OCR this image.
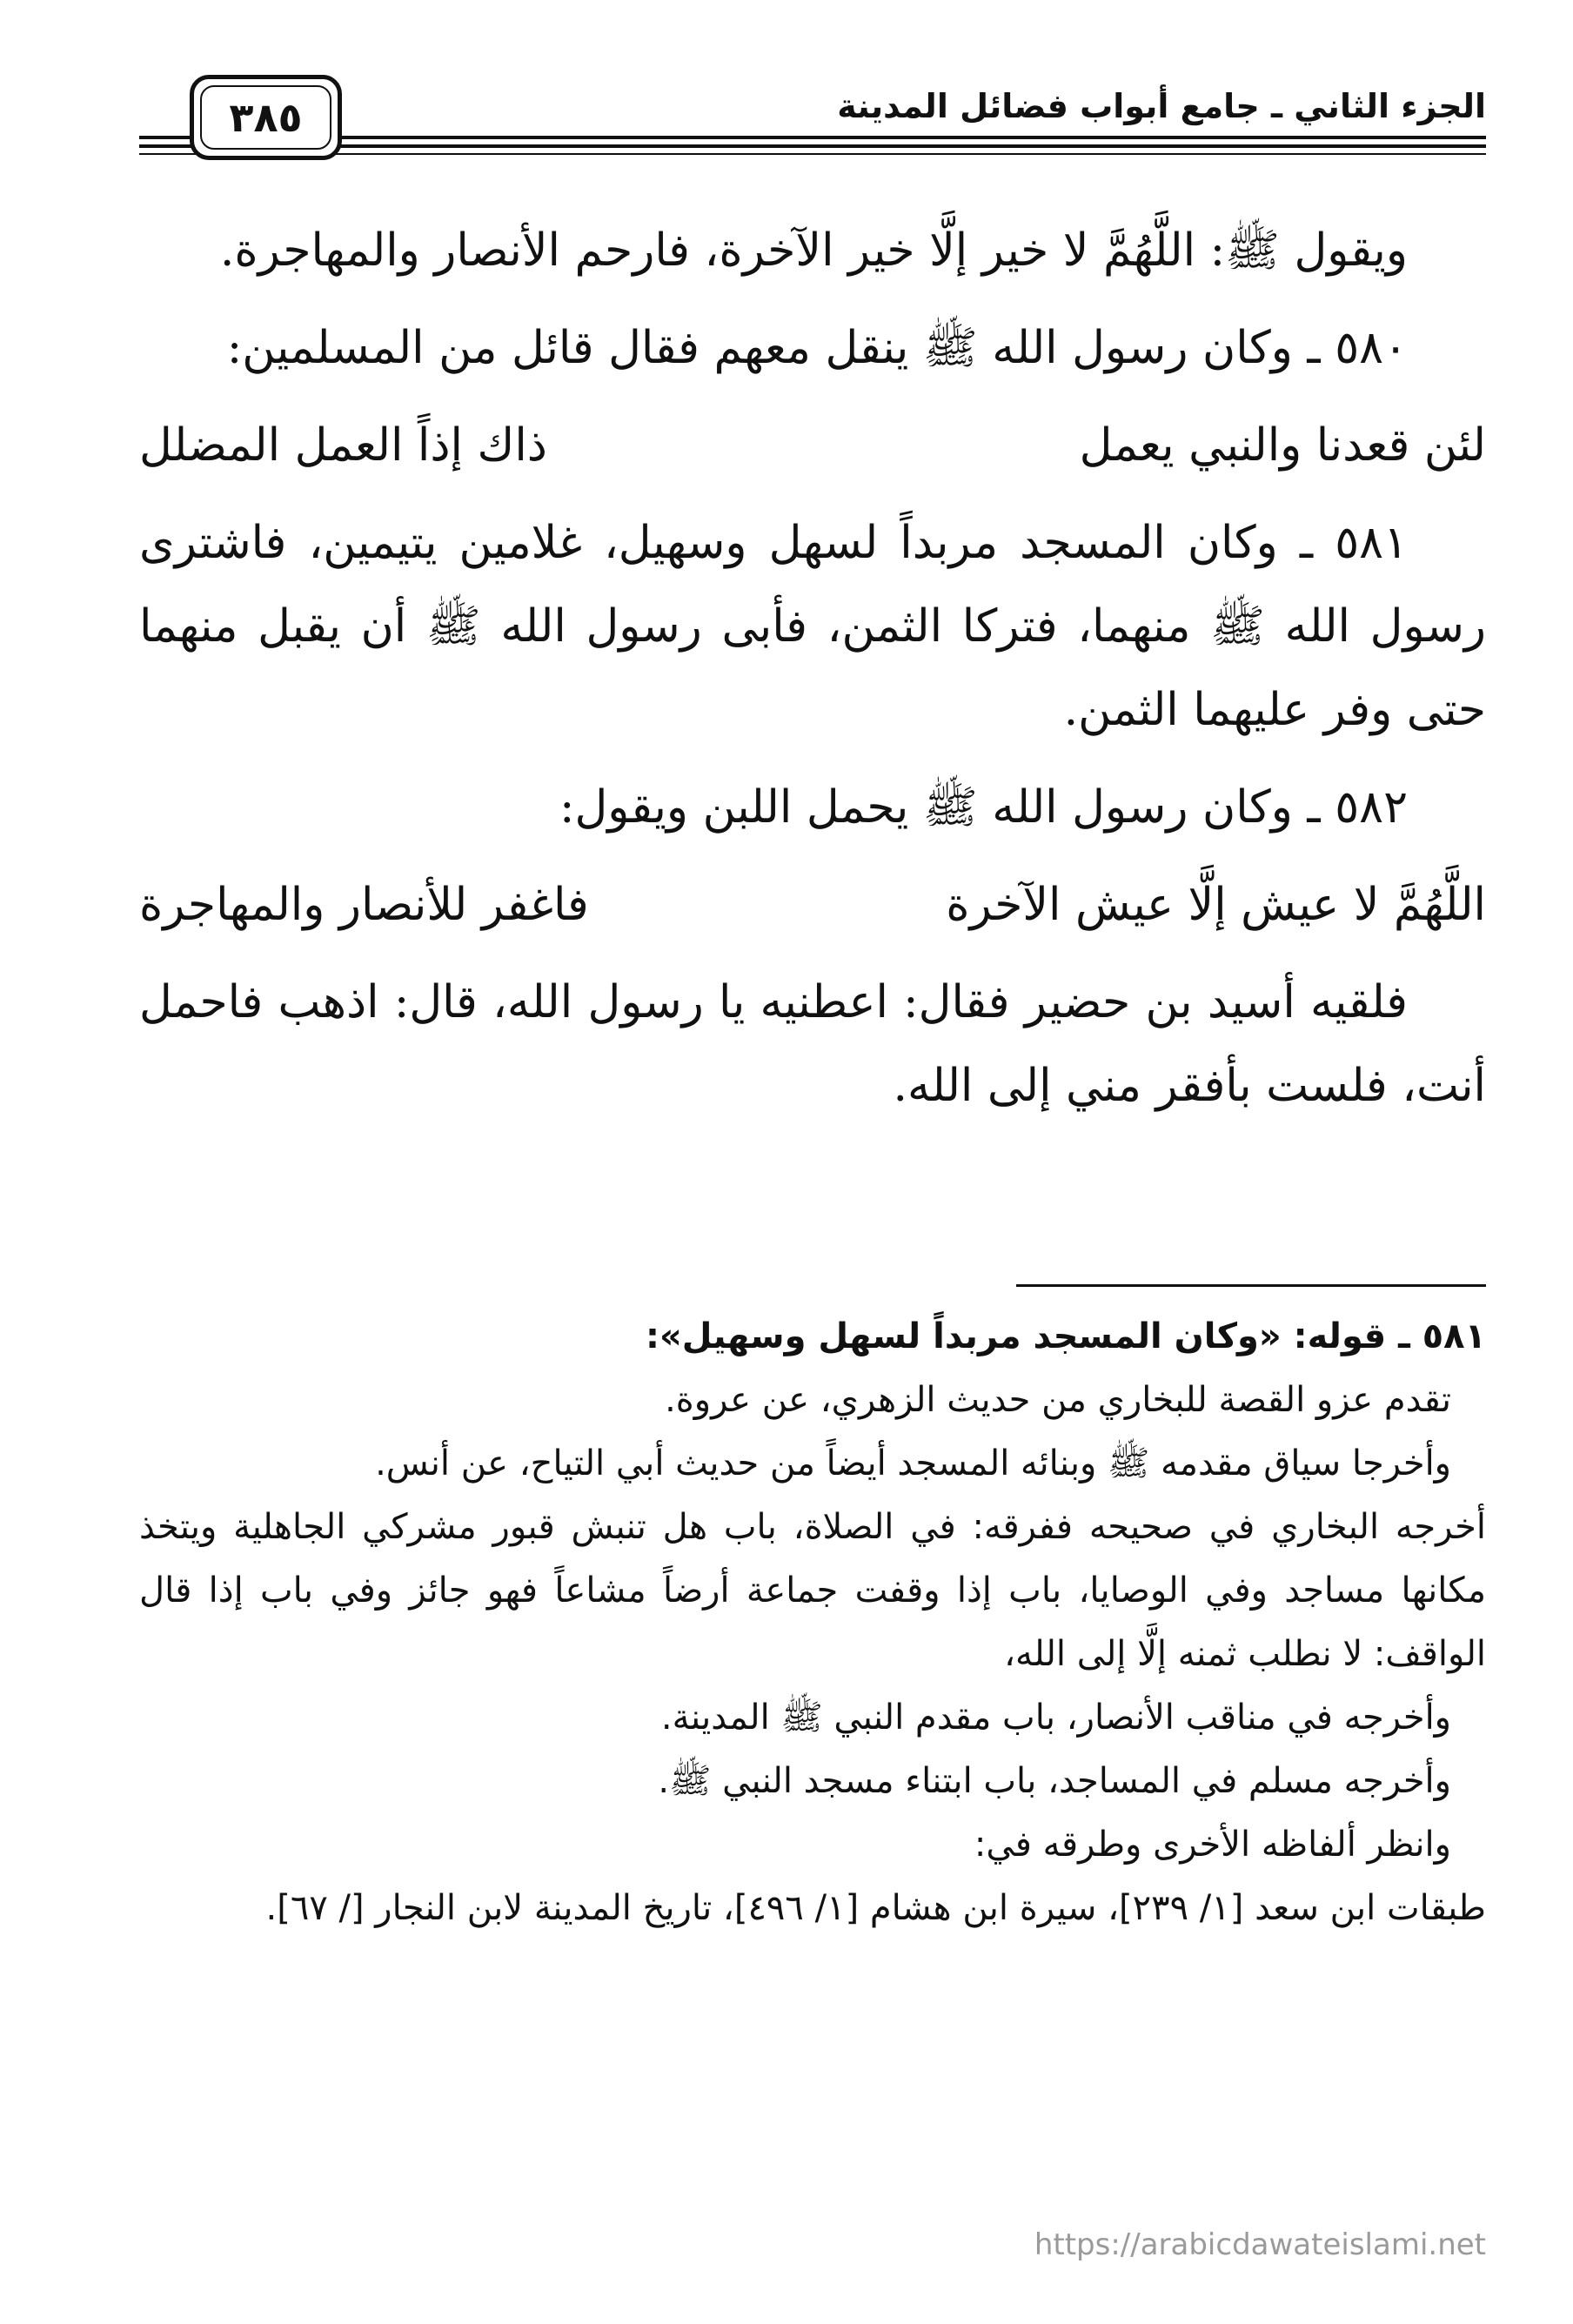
الجزء الثاني ـ جامع أبواب فضائل المدينة
٣٨٥

ويقول ﷺ: اللَّهُمَّ لا خير إلَّا خير الآخرة، فارحم الأنصار والمهاجرة.

٥٨٠ ـ وكان رسول الله ﷺ ينقل معهم فقال قائل من المسلمين:

لئن قعدنا والنبي يعمل
ذاك إذاً العمل المضلل

٥٨١ ـ وكان المسجد مربداً لسهل وسهيل، غلامين يتيمين، فاشترى رسول الله ﷺ منهما، فتركا الثمن، فأبى رسول الله ﷺ أن يقبل منهما حتى وفر عليهما الثمن.

٥٨٢ ـ وكان رسول الله ﷺ يحمل اللبن ويقول:

اللَّهُمَّ لا عيش إلَّا عيش الآخرة
فاغفر للأنصار والمهاجرة

فلقيه أسيد بن حضير فقال: اعطنيه يا رسول الله، قال: اذهب فاحمل أنت، فلست بأفقر مني إلى الله.

٥٨١ ـ قوله: «وكان المسجد مربداً لسهل وسهيل»:

تقدم عزو القصة للبخاري من حديث الزهري، عن عروة.

وأخرجا سياق مقدمه ﷺ وبنائه المسجد أيضاً من حديث أبي التياح، عن أنس.

أخرجه البخاري في صحيحه ففرقه: في الصلاة، باب هل تنبش قبور مشركي الجاهلية ويتخذ مكانها مساجد وفي الوصايا، باب إذا وقفت جماعة أرضاً مشاعاً فهو جائز وفي باب إذا قال الواقف: لا نطلب ثمنه إلَّا إلى الله،

وأخرجه في مناقب الأنصار، باب مقدم النبي ﷺ المدينة.

وأخرجه مسلم في المساجد، باب ابتناء مسجد النبي ﷺ.

وانظر ألفاظه الأخرى وطرقه في:

طبقات ابن سعد [١/ ٢٣٩]، سيرة ابن هشام [١/ ٤٩٦]، تاريخ المدينة لابن النجار [/ ٦٧].

https://arabicdawateislami.net
